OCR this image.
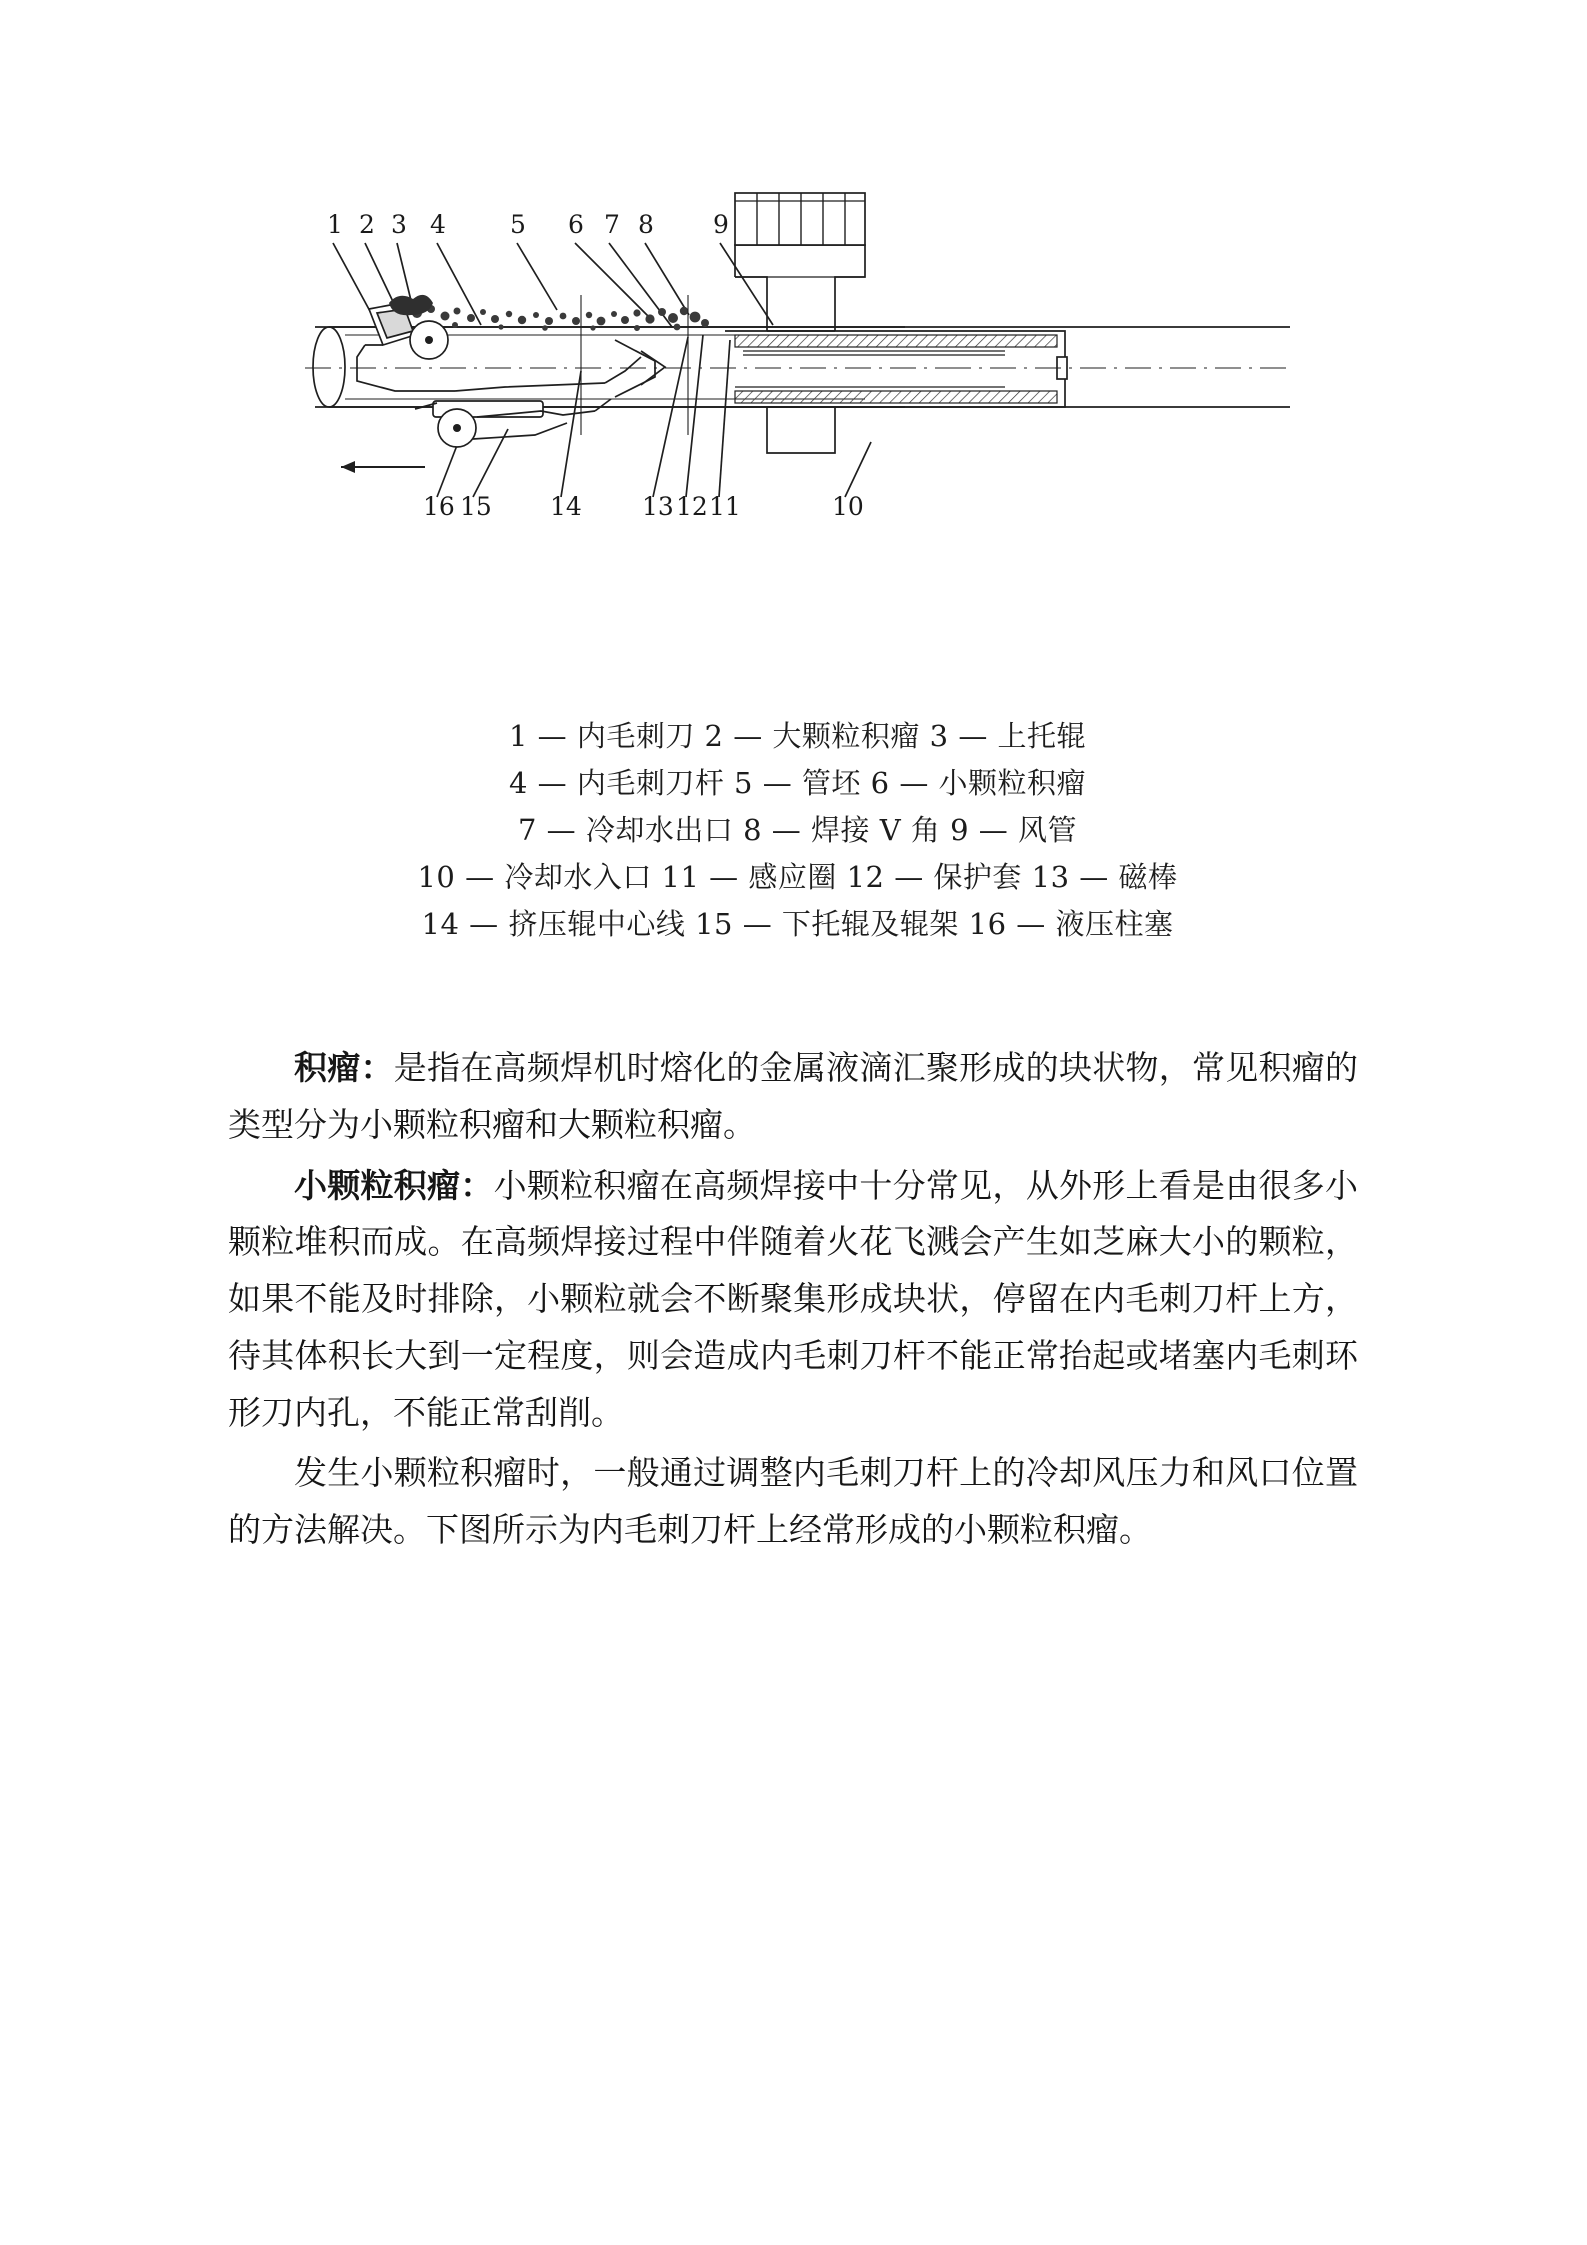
1 2 3 4	5 6 7 8 9
16 15 14 13 12 11	10
1 — 内毛刺刀 2 — 大颗粒积瘤 3 — 上托辊
4 — 内毛刺刀杆 5 — 管坯 6 — 小颗粒积瘤
7 — 冷却水出口 8 — 焊接 V 角 9 — 风管
10 — 冷却水入口 11 — 感应圈 12 — 保护套 13 — 磁棒
14 — 挤压辊中心线 15 — 下托辊及辊架 16 — 液压柱塞

积瘤：是指在高频焊机时熔化的金属液滴汇聚形成的块状物，常见积瘤的类型分为小颗粒积瘤和大颗粒积瘤。

小颗粒积瘤：小颗粒积瘤在高频焊接中十分常见，从外形上看是由很多小颗粒堆积而成。在高频焊接过程中伴随着火花飞溅会产生如芝麻大小的颗粒，如果不能及时排除，小颗粒就会不断聚集形成块状，停留在内毛刺刀杆上方，待其体积长大到一定程度，则会造成内毛刺刀杆不能正常抬起或堵塞内毛刺环形刀内孔，不能正常刮削。

发生小颗粒积瘤时，一般通过调整内毛刺刀杆上的冷却风压力和风口位置的方法解决。下图所示为内毛刺刀杆上经常形成的小颗粒积瘤。
